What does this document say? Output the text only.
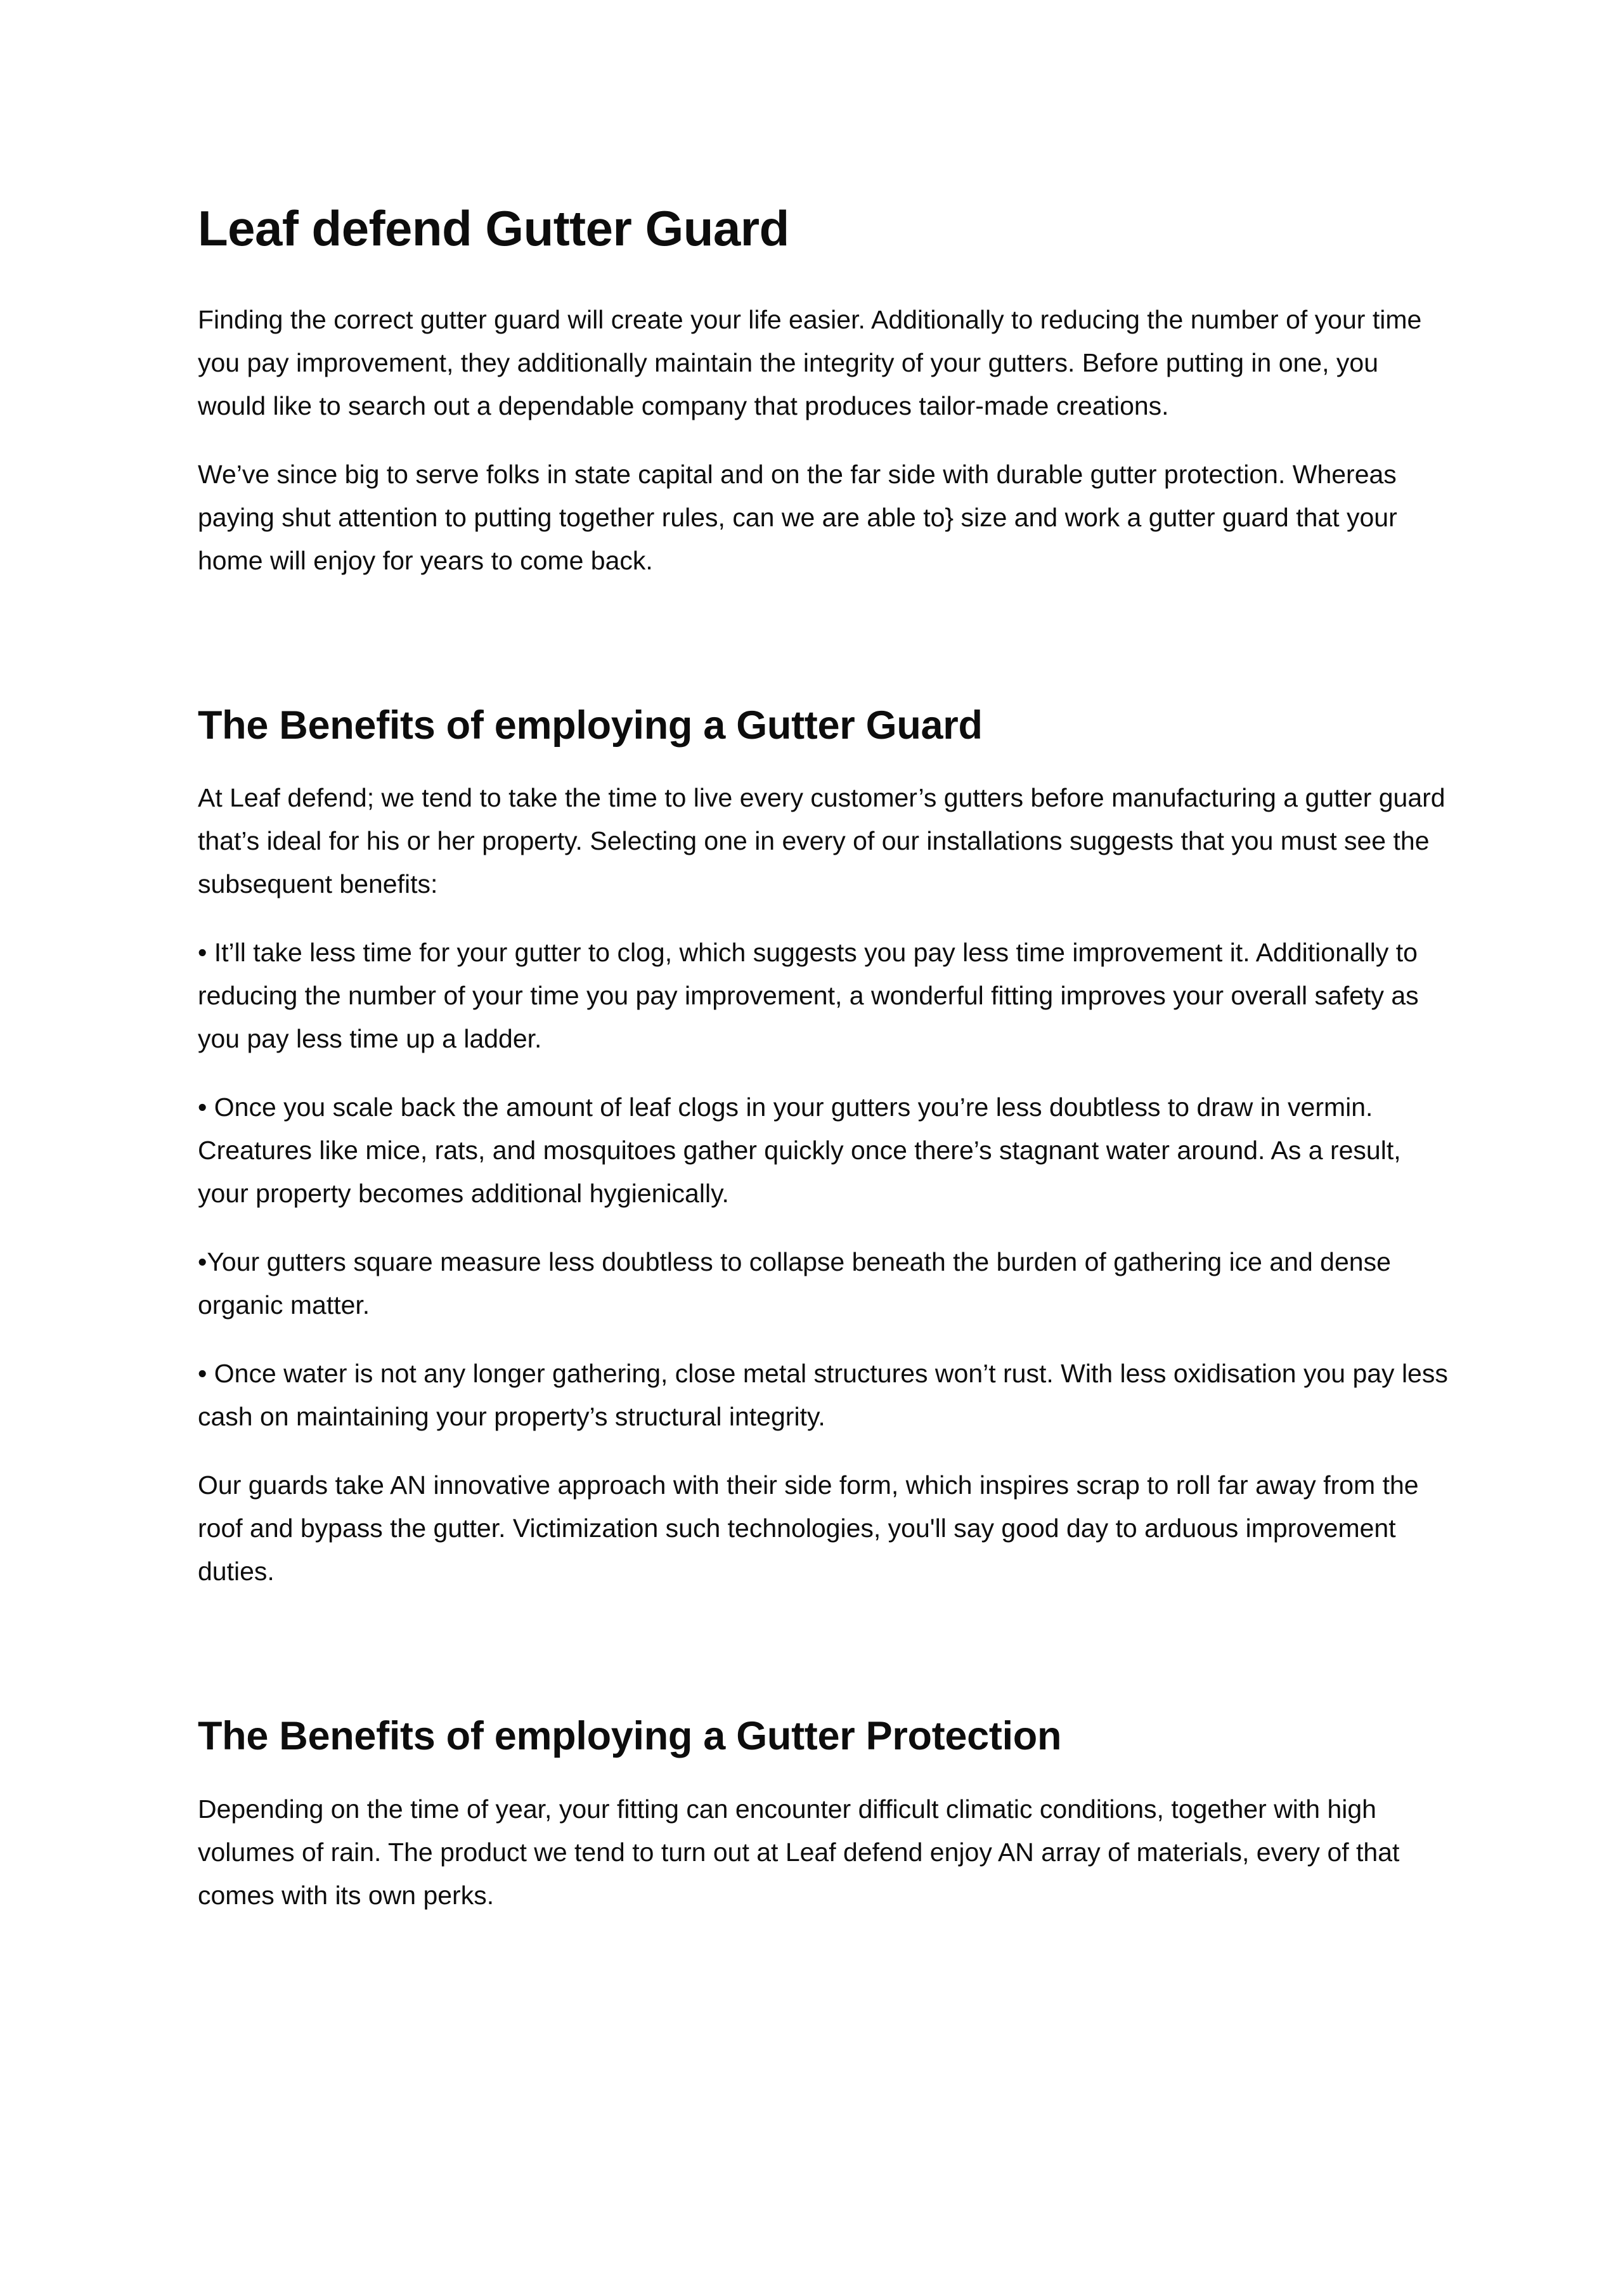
Leaf defend Gutter Guard

Finding the correct gutter guard will create your life easier. Additionally to reducing the number of your time you pay improvement, they additionally maintain the integrity of your gutters. Before putting in one, you would like to search out a dependable company that produces tailor-made creations.

We’ve since big to serve folks in state capital and on the far side with durable gutter protection. Whereas paying shut attention to putting together rules, can we are able to} size and work a gutter guard that your home will enjoy for years to come back.

The Benefits of employing a Gutter Guard

At Leaf defend; we tend to take the time to live every customer’s gutters before manufacturing a gutter guard that’s ideal for his or her property. Selecting one in every of our installations suggests that you must see the subsequent benefits:

• It’ll take less time for your gutter to clog, which suggests you pay less time improvement it. Additionally to reducing the number of your time you pay improvement, a wonderful fitting improves your overall safety as you pay less time up a ladder.

• Once you scale back the amount of leaf clogs in your gutters you’re less doubtless to draw in vermin. Creatures like mice, rats, and mosquitoes gather quickly once there’s stagnant water around. As a result, your property becomes additional hygienically.

•Your gutters square measure less doubtless to collapse beneath the burden of gathering ice and dense organic matter.

• Once water is not any longer gathering, close metal structures won’t rust. With less oxidisation you pay less cash on maintaining your property’s structural integrity.

Our guards take AN innovative approach with their side form, which inspires scrap to roll far away from the roof and bypass the gutter. Victimization such technologies, you'll say good day to arduous improvement duties.

The Benefits of employing a Gutter Protection

Depending on the time of year, your fitting can encounter difficult climatic conditions, together with high volumes of rain. The product we tend to turn out at Leaf defend enjoy AN array of materials, every of that comes with its own perks.
